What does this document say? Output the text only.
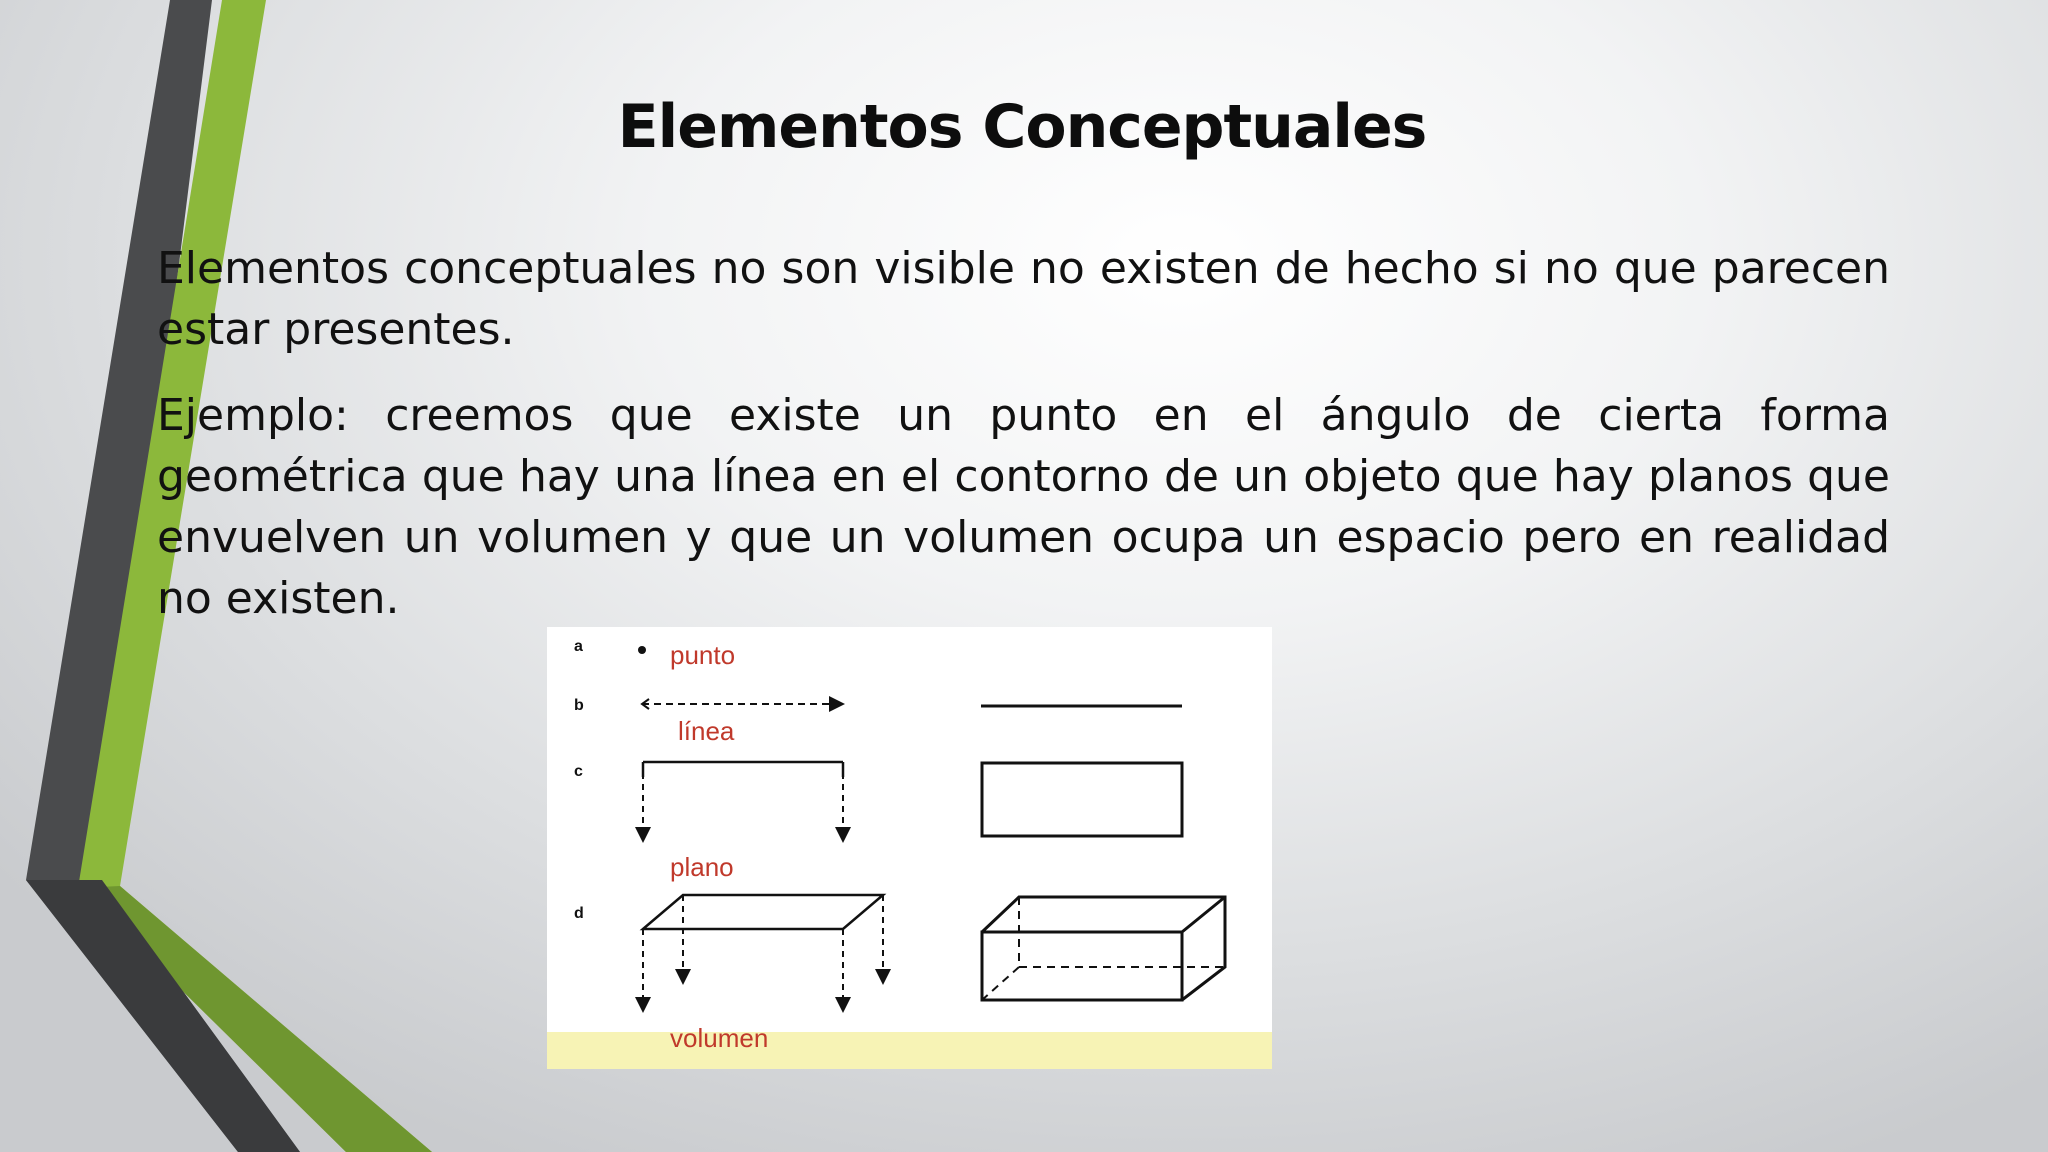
Elementos Conceptuales

Elementos conceptuales no son visible no existen de hecho si no que parecen estar presentes.

Ejemplo: creemos que existe un punto en el ángulo de cierta forma geométrica que hay una línea en el contorno de un objeto que hay planos que envuelven un volumen y que un volumen ocupa un espacio pero en realidad no existen.

a
b
c
d
punto
línea
plano
volumen
